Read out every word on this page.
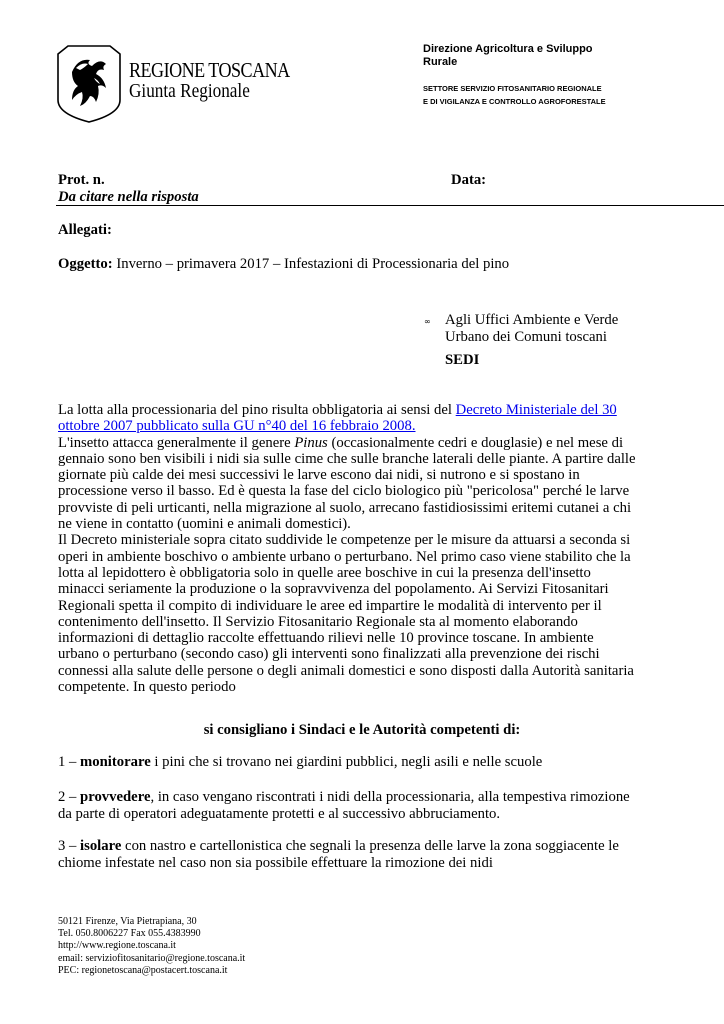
REGIONE TOSCANA
Giunta Regionale
Direzione Agricoltura e Sviluppo
Rurale
SETTORE SERVIZIO FITOSANITARIO REGIONALE
E DI VIGILANZA E CONTROLLO AGROFORESTALE
Prot. n.	Data:
Da citare nella risposta
Allegati:
Oggetto: Inverno – primavera 2017 – Infestazioni di Processionaria del pino
∞ Agli Uffici Ambiente e Verde
Urbano dei Comuni toscani
SEDI

La lotta alla processionaria del pino risulta obbligatoria ai sensi del Decreto Ministeriale del 30 ottobre 2007 pubblicato sulla GU n°40 del 16 febbraio 2008.

L'insetto attacca generalmente il genere Pinus (occasionalmente cedri e douglasie) e nel mese di gennaio sono ben visibili i nidi sia sulle cime che sulle branche laterali delle piante. A partire dalle giornate più calde dei mesi successivi le larve escono dai nidi, si nutrono e si spostano in processione verso il basso. Ed è questa la fase del ciclo biologico più "pericolosa" perché le larve provviste di peli urticanti, nella migrazione al suolo, arrecano fastidiosissimi eritemi cutanei a chi ne viene in contatto (uomini e animali domestici).

Il Decreto ministeriale sopra citato suddivide le competenze per le misure da attuarsi a seconda si operi in ambiente boschivo o ambiente urbano o perturbano. Nel primo caso viene stabilito che la lotta al lepidottero è obbligatoria solo in quelle aree boschive in cui la presenza dell'insetto minacci seriamente la produzione o la sopravvivenza del popolamento. Ai Servizi Fitosanitari Regionali spetta il compito di individuare le aree ed impartire le modalità di intervento per il contenimento dell'insetto. Il Servizio Fitosanitario Regionale sta al momento elaborando informazioni di dettaglio raccolte effettuando rilievi nelle 10 province toscane. In ambiente urbano o perturbano (secondo caso) gli interventi sono finalizzati alla prevenzione dei rischi connessi alla salute delle persone o degli animali domestici e sono disposti dalla Autorità sanitaria competente. In questo periodo

si consigliano i Sindaci e le Autorità competenti di:
1 – monitorare i pini che si trovano nei giardini pubblici, negli asili e nelle scuole
2 – provvedere, in caso vengano riscontrati i nidi della processionaria, alla tempestiva rimozione da parte di operatori adeguatamente protetti e al successivo abbruciamento.
3 – isolare con nastro e cartellonistica che segnali la presenza delle larve la zona soggiacente le chiome infestate nel caso non sia possibile effettuare la rimozione dei nidi
50121 Firenze, Via Pietrapiana, 30
Tel. 050.8006227 Fax 055.4383990
http://www.regione.toscana.it
email: serviziofitosanitario@regione.toscana.it
PEC: regionetoscana@postacert.toscana.it
